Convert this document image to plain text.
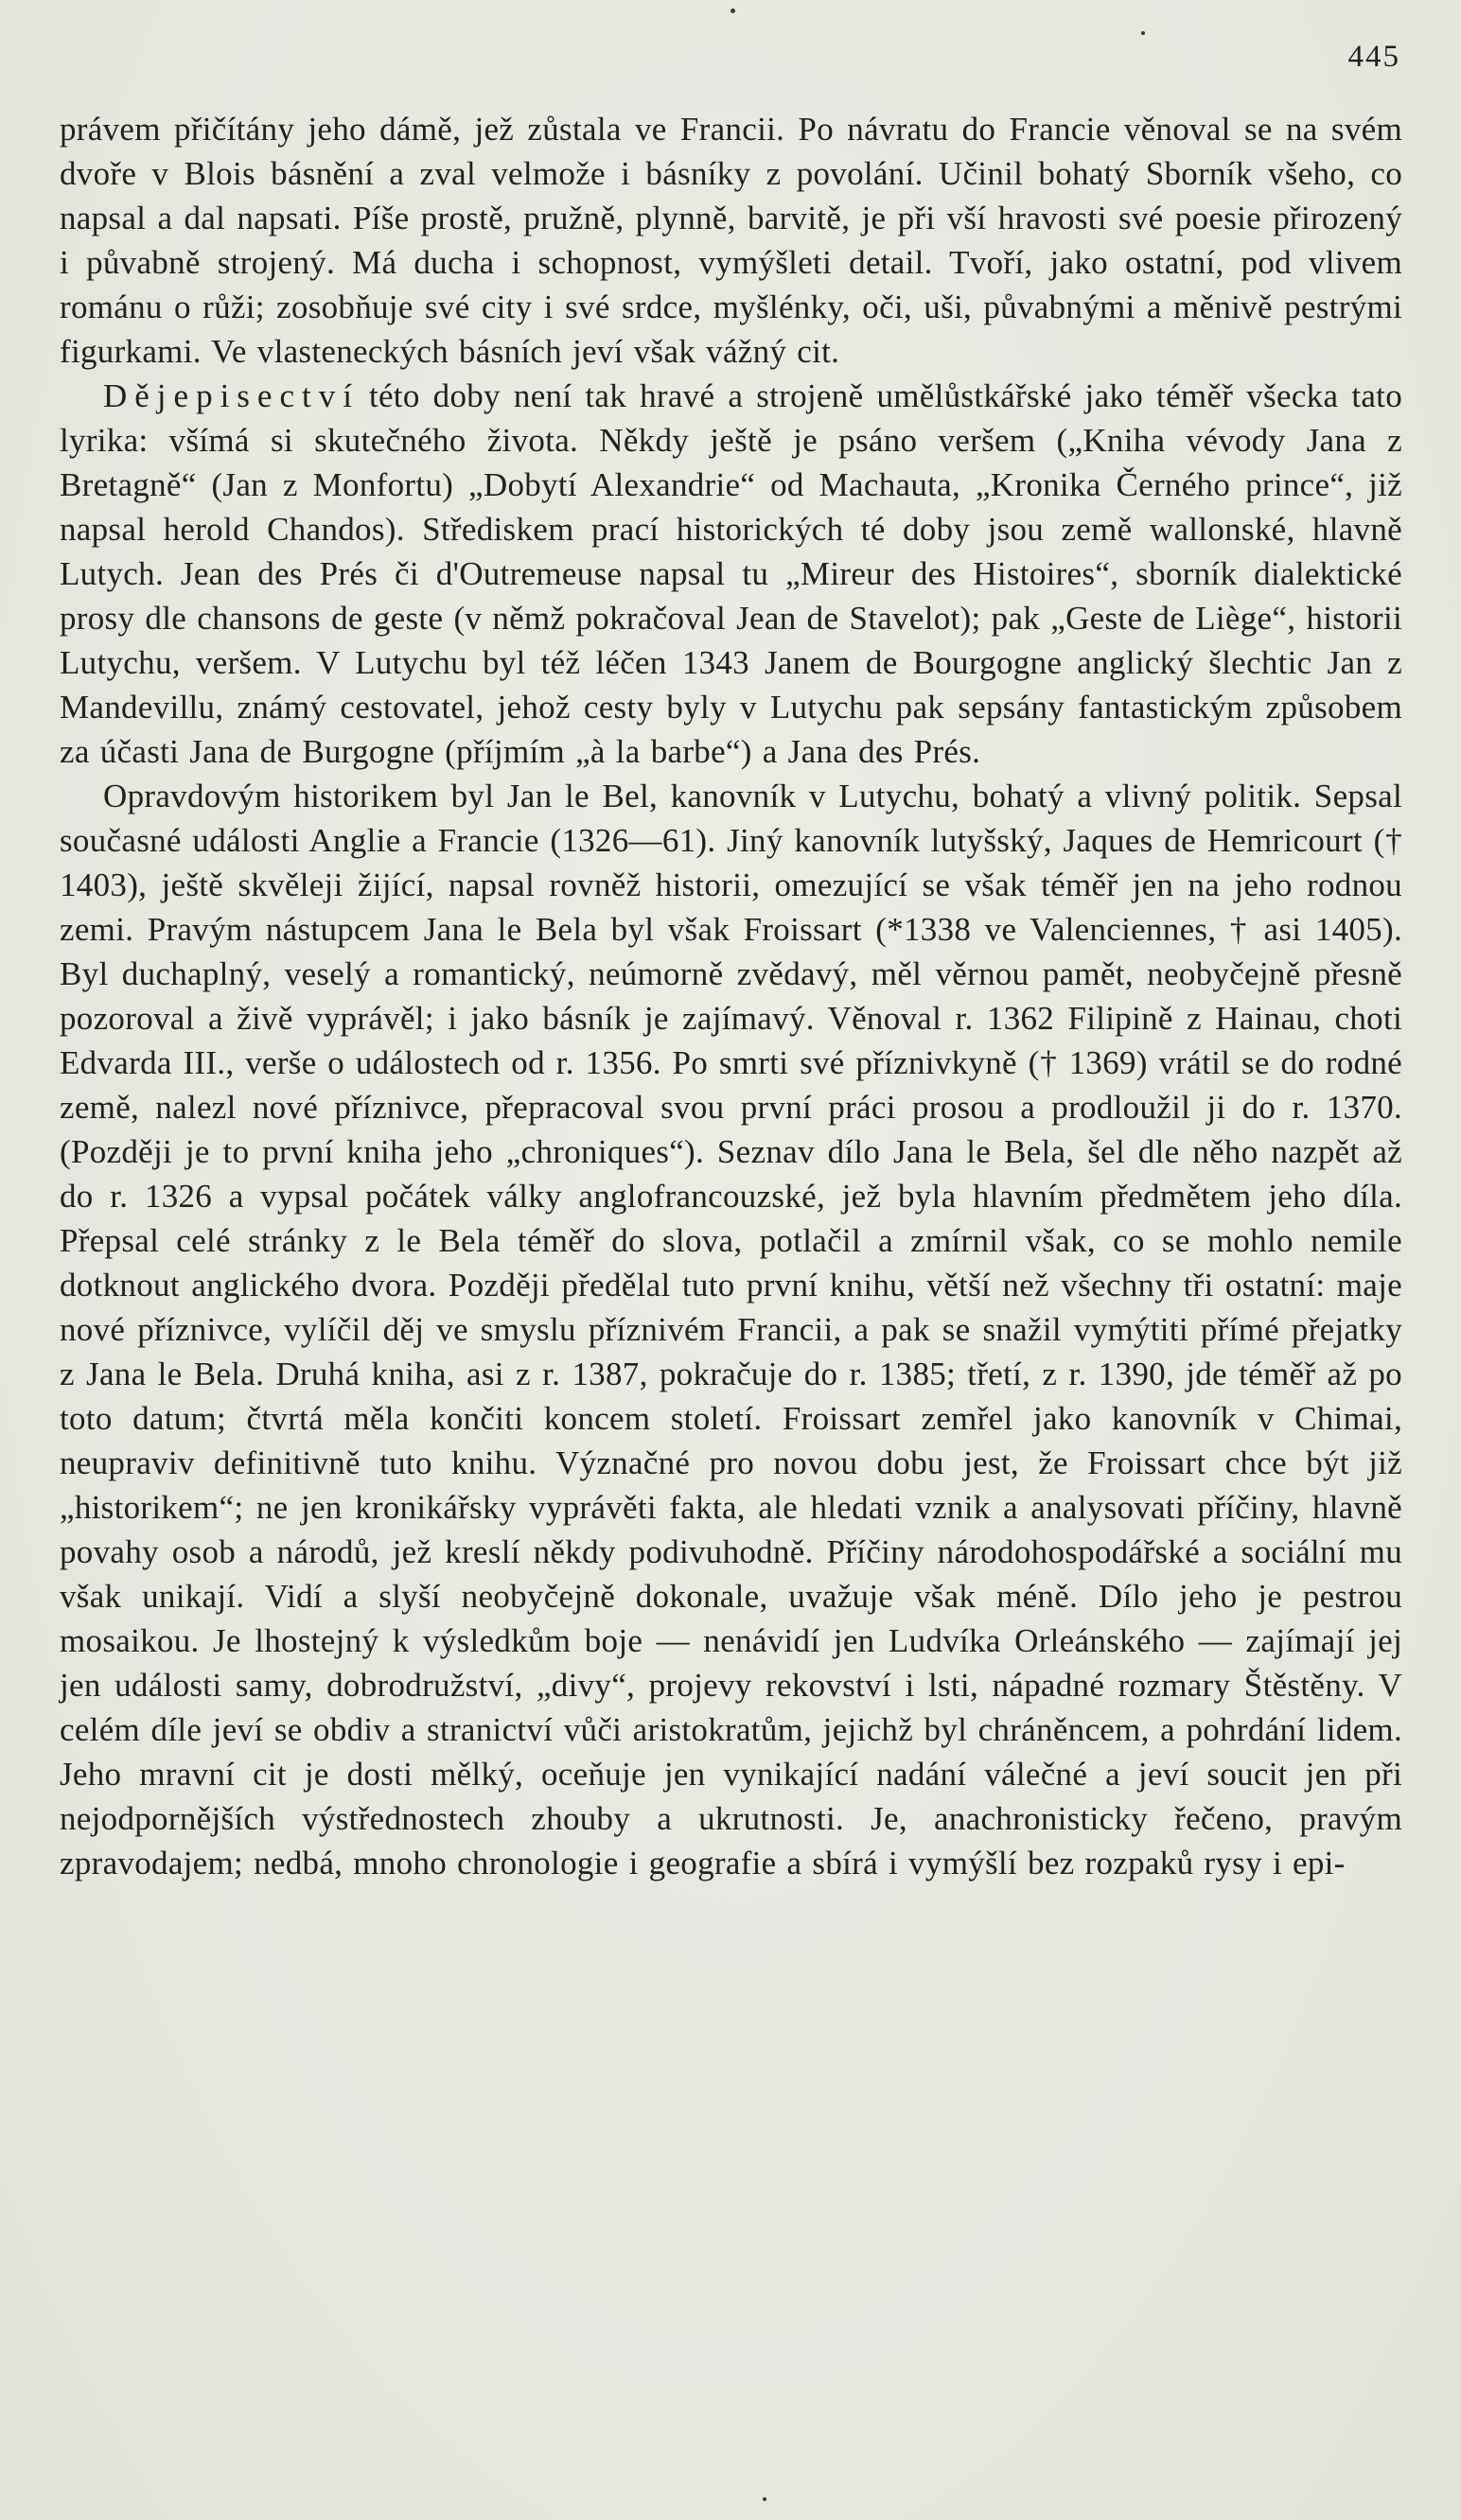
445

právem přičítány jeho dámě, jež zůstala ve Francii. Po návratu do Francie věnoval se na svém dvoře v Blois básnění a zval velmože i básníky z povolání. Učinil bohatý Sborník všeho, co napsal a dal napsati. Píše prostě, pružně, plynně, barvitě, je při vší hravosti své poesie přirozený i půvabně strojený. Má ducha i schopnost, vymýšleti detail. Tvoří, jako ostatní, pod vlivem románu o růži; zosobňuje své city i své srdce, myšlénky, oči, uši, půvabnými a měnivě pestrými figurkami. Ve vlasteneckých básních jeví však vážný cit.

Dějepisectví této doby není tak hravé a strojeně umělůstkářské jako téměř všecka tato lyrika: všímá si skutečného života. Někdy ještě je psáno veršem („Kniha vévody Jana z Bretagně“ (Jan z Monfortu) „Dobytí Alexandrie“ od Machauta, „Kronika Černého prince“, již napsal herold Chandos). Střediskem prací historických té doby jsou země wallonské, hlavně Lutych. Jean des Prés či d'Outremeuse napsal tu „Mireur des Histoires“, sborník dialektické prosy dle chansons de geste (v němž pokračoval Jean de Stavelot); pak „Geste de Liège“, historii Lutychu, veršem. V Lutychu byl též léčen 1343 Janem de Bourgogne anglický šlechtic Jan z Mandevillu, známý cestovatel, jehož cesty byly v Lutychu pak sepsány fantastickým způsobem za účasti Jana de Burgogne (příjmím „à la barbe“) a Jana des Prés.

Opravdovým historikem byl Jan le Bel, kanovník v Lutychu, bohatý a vlivný politik. Sepsal současné události Anglie a Francie (1326—61). Jiný kanovník lutyšský, Jaques de Hemricourt († 1403), ještě skvěleji žijící, napsal rovněž historii, omezující se však téměř jen na jeho rodnou zemi. Pravým nástupcem Jana le Bela byl však Froissart (*1338 ve Valenciennes, † asi 1405). Byl duchaplný, veselý a romantický, neúmorně zvědavý, měl věrnou pamět, neobyčejně přesně pozoroval a živě vyprávěl; i jako básník je zajímavý. Věnoval r. 1362 Filipině z Hainau, choti Edvarda III., verše o událostech od r. 1356. Po smrti své příznivkyně († 1369) vrátil se do rodné země, nalezl nové příznivce, přepracoval svou první práci prosou a prodloužil ji do r. 1370. (Později je to první kniha jeho „chroniques“). Seznav dílo Jana le Bela, šel dle něho nazpět až do r. 1326 a vypsal počátek války anglofrancouzské, jež byla hlavním předmětem jeho díla. Přepsal celé stránky z le Bela téměř do slova, potlačil a zmírnil však, co se mohlo nemile dotknout anglického dvora. Později předělal tuto první knihu, větší než všechny tři ostatní: maje nové příznivce, vylíčil děj ve smyslu příznivém Francii, a pak se snažil vymýtiti přímé přejatky z Jana le Bela. Druhá kniha, asi z r. 1387, pokračuje do r. 1385; třetí, z r. 1390, jde téměř až po toto datum; čtvrtá měla končiti koncem století. Froissart zemřel jako kanovník v Chimai, neupraviv definitivně tuto knihu. Význačné pro novou dobu jest, že Froissart chce být již „historikem“; ne jen kronikářsky vyprávěti fakta, ale hledati vznik a analysovati příčiny, hlavně povahy osob a národů, jež kreslí někdy podivuhodně. Příčiny národohospodářské a sociální mu však unikají. Vidí a slyší neobyčejně dokonale, uvažuje však méně. Dílo jeho je pestrou mosaikou. Je lhostejný k výsledkům boje — nenávidí jen Ludvíka Orleánského — zajímají jej jen události samy, dobrodružství, „divy“, projevy rekovství i lsti, nápadné rozmary Štěstěny. V celém díle jeví se obdiv a stranictví vůči aristokratům, jejichž byl chráněncem, a pohrdání lidem. Jeho mravní cit je dosti mělký, oceňuje jen vynikající nadání válečné a jeví soucit jen při nejodpornějších výstřednostech zhouby a ukrutnosti. Je, anachronisticky řečeno, pravým zpravodajem; nedbá, mnoho chronologie i geografie a sbírá i vymýšlí bez rozpaků rysy i epi-
